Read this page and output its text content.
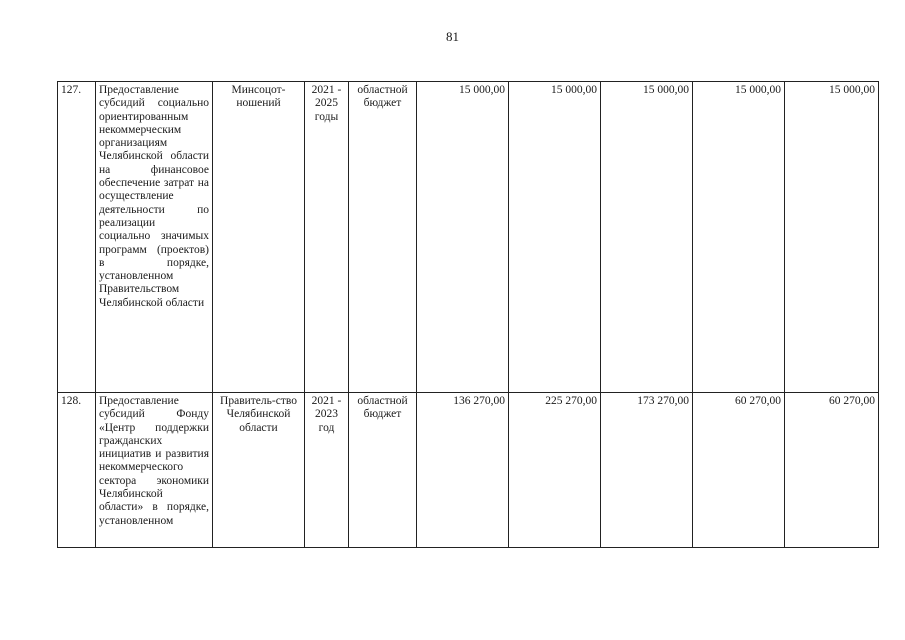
81
127.	Предоставление субсидий социально ориентированным некоммерческим организациям Челябинской области на финансовое обеспечение затрат на осуществление деятельности по реализации социально значимых программ (проектов) в порядке, установленном Правительством Челябинской области	Минсоцот-ношений	2021 - 2025 годы	областной бюджет	15 000,00	15 000,00	15 000,00	15 000,00	15 000,00
128.	Предоставление субсидий Фонду «Центр поддержки гражданских инициатив и развития некоммерческого сектора экономики Челябинской области» в порядке, установленном	Правитель-ство Челябинской области	2021 - 2023 год	областной бюджет	136 270,00	225 270,00	173 270,00	60 270,00	60 270,00
